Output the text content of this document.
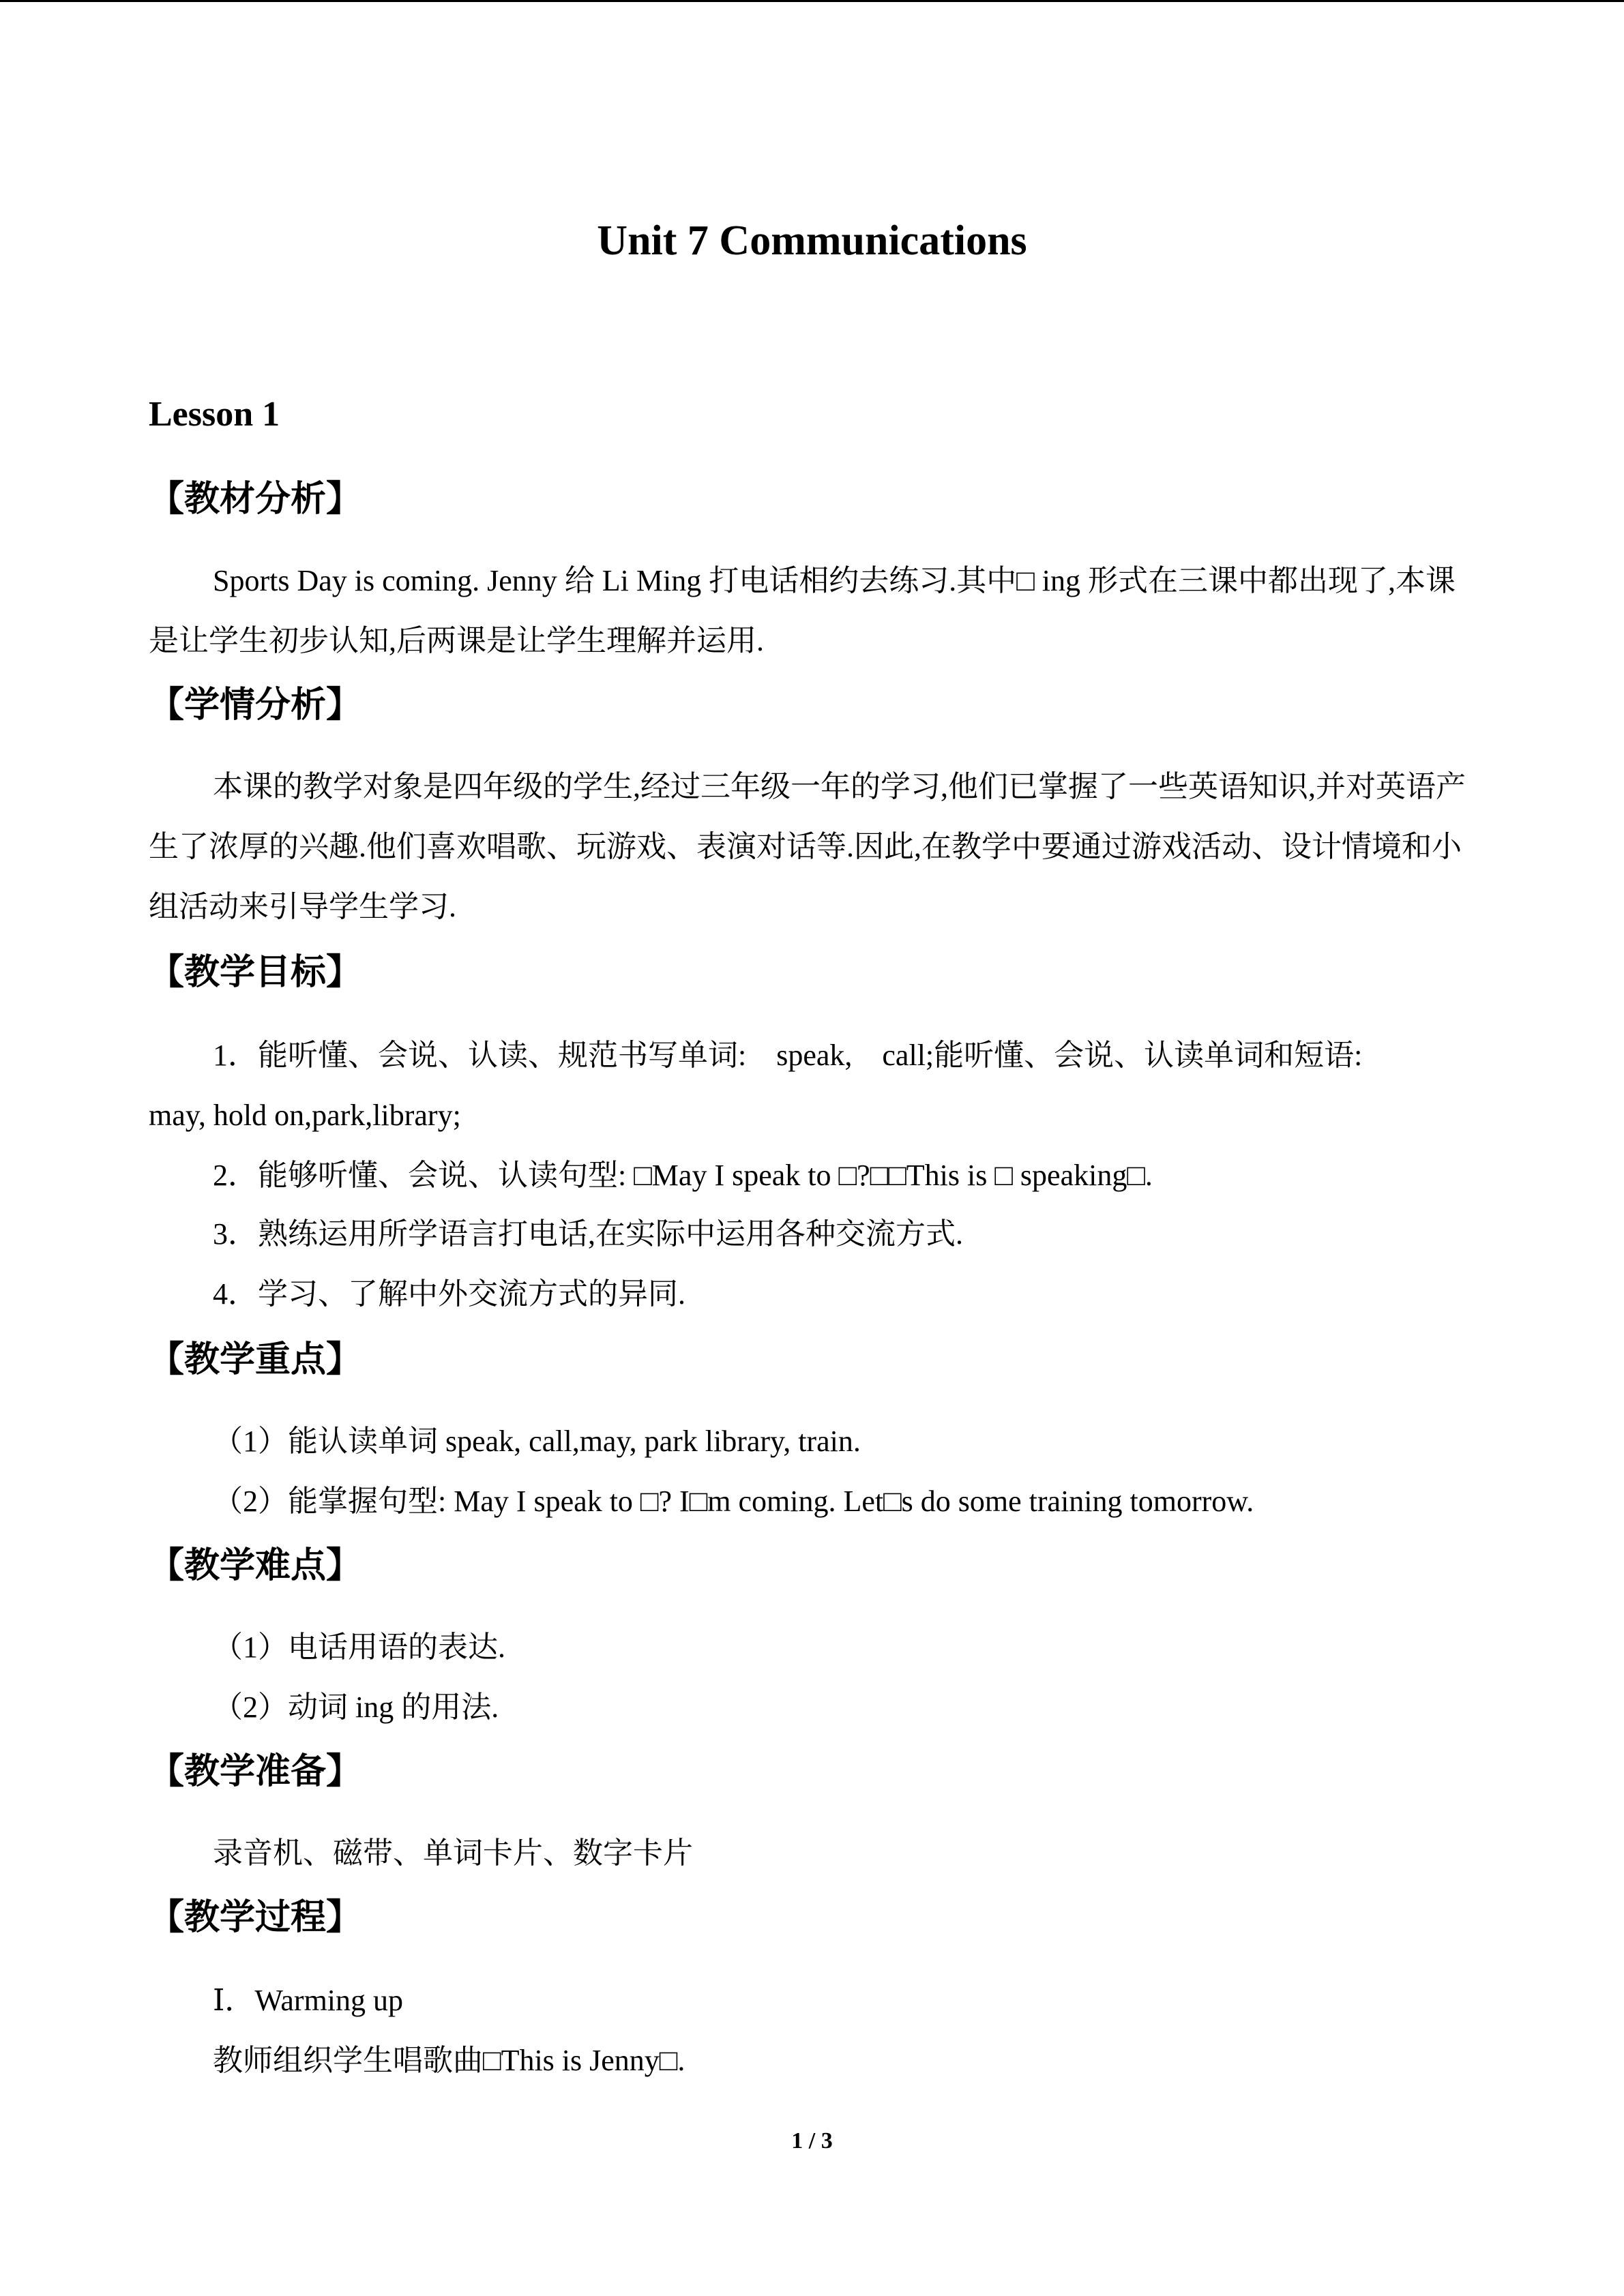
Unit 7 Communications
Lesson 1
【教材分析】
Sports Day is coming. Jenny 给 Li Ming 打电话相约去练习.其中□ ing 形式在三课中都出现了,本课是让学生初步认知,后两课是让学生理解并运用.
【学情分析】
本课的教学对象是四年级的学生,经过三年级一年的学习,他们已掌握了一些英语知识,并对英语产生了浓厚的兴趣.他们喜欢唱歌、玩游戏、表演对话等.因此,在教学中要通过游戏活动、设计情境和小组活动来引导学生学习.
【教学目标】
1．能听懂、会说、认读、规范书写单词:　speak,　call;能听懂、会说、认读单词和短语:
may, hold on,park,library;
2．能够听懂、会说、认读句型: □May I speak to □?□□This is □ speaking□.
3．熟练运用所学语言打电话,在实际中运用各种交流方式.
4．学习、了解中外交流方式的异同.
【教学重点】
（1）能认读单词 speak, call,may, park library, train.
（2）能掌握句型: May I speak to □? I□m coming. Let□s do some training tomorrow.
【教学难点】
（1）电话用语的表达.
（2）动词 ing 的用法.
【教学准备】
录音机、磁带、单词卡片、数字卡片
【教学过程】
Ⅰ．Warming up
教师组织学生唱歌曲□This is Jenny□.
1 / 3
